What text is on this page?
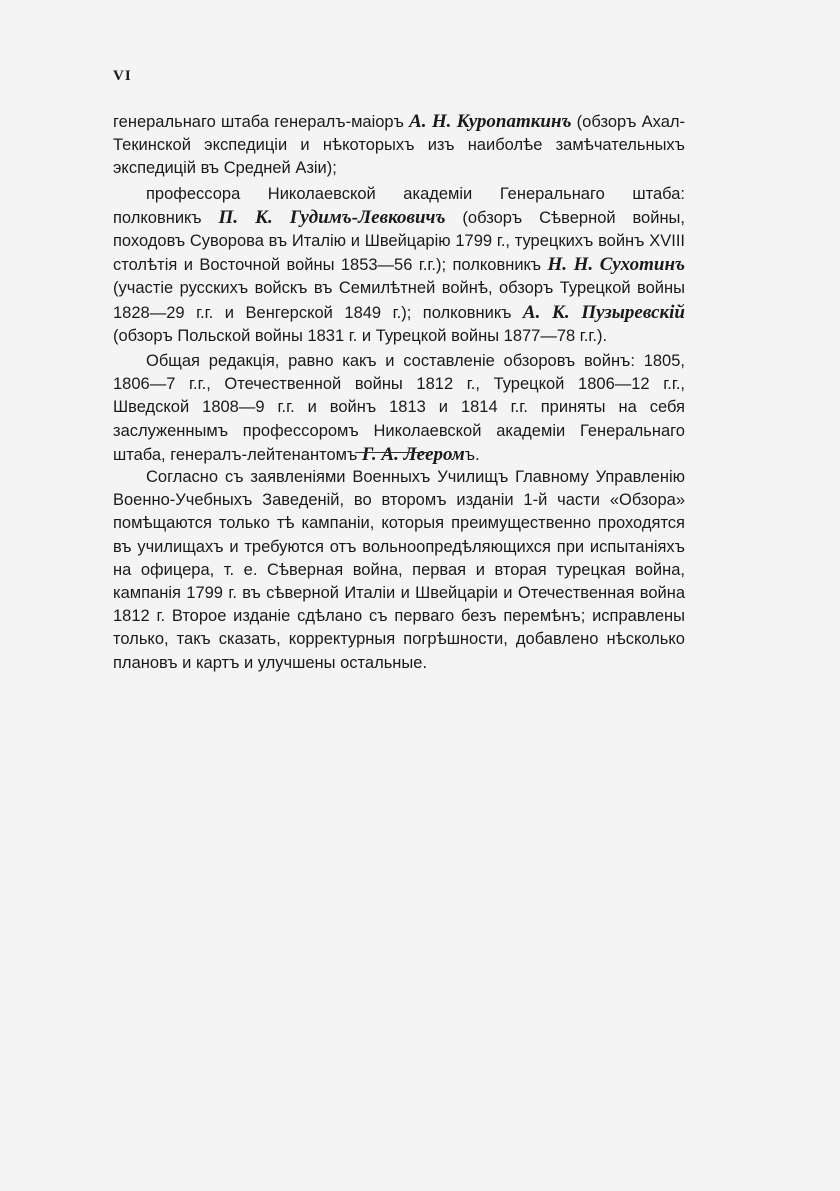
VI

генеральнаго штаба генералъ-маіоръ А. Н. Куропаткинъ (обзоръ Ахал-Текинской экспедиціи и нѣкоторыхъ изъ наиболѣе замѣчательныхъ экспедицій въ Средней Азіи);

профессора Николаевской академіи Генеральнаго штаба: полковникъ П. К. Гудимъ-Левковичъ (обзоръ Сѣверной войны, походовъ Суворова въ Италію и Швейцарію 1799 г., турецкихъ войнъ XVIII столѣтія и Восточной войны 1853—56 г.г.); полковникъ Н. Н. Сухотинъ (участіе русскихъ войскъ въ Семилѣтней войнѣ, обзоръ Турецкой войны 1828—29 г.г. и Венгерской 1849 г.); полковникъ А. К. Пузыревскій (обзоръ Польской войны 1831 г. и Турецкой войны 1877—78 г.г.).

Общая редакція, равно какъ и составленіе обзоровъ войнъ: 1805, 1806—7 г.г., Отечественной войны 1812 г., Турецкой 1806—12 г.г., Шведской 1808—9 г.г. и войнъ 1813 и 1814 г.г. приняты на себя заслуженнымъ профессоромъ Николаевской академіи Генеральнаго штаба, генералъ-лейтенантомъ Г. А. Лееромъ.

Согласно съ заявленіями Военныхъ Училищъ Главному Управленію Военно-Учебныхъ Заведеній, во второмъ изданіи 1-й части «Обзора» помѣщаются только тѣ кампаніи, которыя преимущественно проходятся въ училищахъ и требуются отъ вольноопредѣляющихся при испытаніяхъ на офицера, т. е. Сѣверная война, первая и вторая турецкая война, кампанія 1799 г. въ сѣверной Италіи и Швейцаріи и Отечественная война 1812 г. Второе изданіе сдѣлано съ перваго безъ перемѣнъ; исправлены только, такъ сказать, корректурныя погрѣшности, добавлено нѣсколько плановъ и картъ и улучшены остальные.
